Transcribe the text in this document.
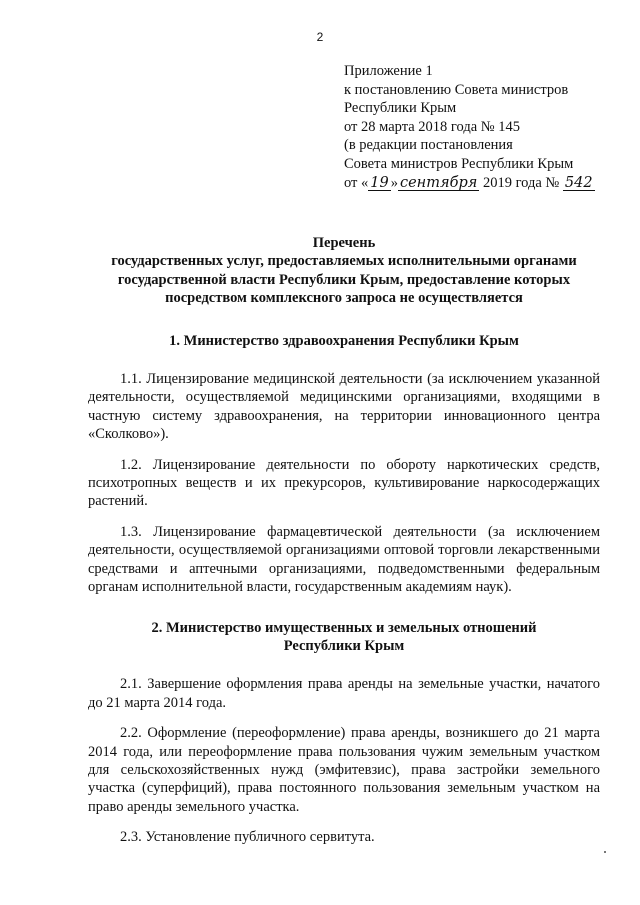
2
Приложение 1
к постановлению Совета министров
Республики Крым
от 28 марта 2018 года № 145
(в редакции постановления
Совета министров Республики Крым
от « 19 » сентября 2019 года № 542

Перечень
государственных услуг, предоставляемых исполнительными органами государственной власти Республики Крым, предоставление которых посредством комплексного запроса не осуществляется

1. Министерство здравоохранения Республики Крым

1.1. Лицензирование медицинской деятельности (за исключением указанной деятельности, осуществляемой медицинскими организациями, входящими в частную систему здравоохранения, на территории инновационного центра «Сколково»).

1.2. Лицензирование деятельности по обороту наркотических средств, психотропных веществ и их прекурсоров, культивирование наркосодержащих растений.

1.3. Лицензирование фармацевтической деятельности (за исключением деятельности, осуществляемой организациями оптовой торговли лекарственными средствами и аптечными организациями, подведомственными федеральным органам исполнительной власти, государственным академиям наук).

2. Министерство имущественных и земельных отношений
Республики Крым

2.1. Завершение оформления права аренды на земельные участки, начатого до 21 марта 2014 года.

2.2. Оформление (переоформление) права аренды, возникшего до 21 марта 2014 года, или переоформление права пользования чужим земельным участком для сельскохозяйственных нужд (эмфитевзис), права застройки земельного участка (суперфиций), права постоянного пользования земельным участком на право аренды земельного участка.

2.3. Установление публичного сервитута.
